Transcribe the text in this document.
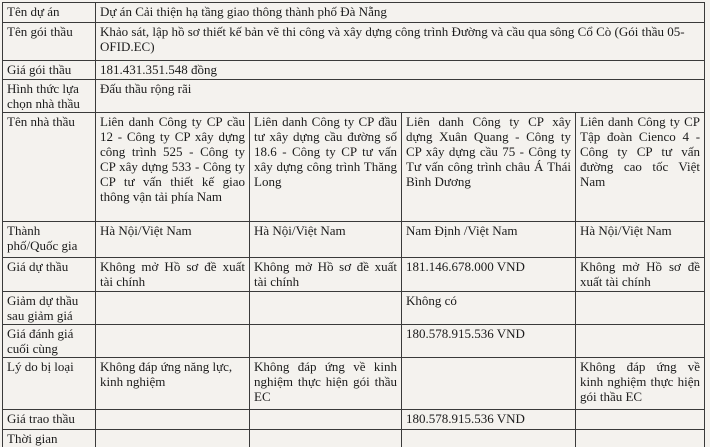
Tên dự án	Dự án Cải thiện hạ tầng giao thông thành phố Đà Nẵng			
Tên gói thầu	Khảo sát, lập hồ sơ thiết kế bản vẽ thi công và xây dựng công trình Đường và cầu qua sông Cổ Cò (Gói thầu 05-OFID.EC)			
Giá gói thầu	181.431.351.548 đồng			
Hình thức lựa chọn nhà thầu	Đấu thầu rộng rãi			
Tên nhà thầu	Liên danh Công ty CP cầu 12 - Công ty CP xây dựng công trình 525 - Công ty CP xây dựng 533 - Công ty CP tư vấn thiết kế giao thông vận tải phía Nam	Liên danh Công ty CP đầu tư xây dựng cầu đường số 18.6 - Công ty CP tư vấn xây dựng công trình Thăng Long	Liên danh Công ty CP xây dựng Xuân Quang - Công ty CP xây dựng cầu 75 - Công ty Tư vấn công trình châu Á Thái Bình Dương	Liên danh Công ty CP Tập đoàn Cienco 4 - Công ty CP tư vấn đường cao tốc Việt Nam
Thành phố/Quốc gia	Hà Nội/Việt Nam	Hà Nội/Việt Nam	Nam Định /Việt Nam	Hà Nội/Việt Nam
Giá dự thầu	Không mở Hồ sơ đề xuất tài chính	Không mở Hồ sơ đề xuất tài chính	181.146.678.000 VND	Không mở Hồ sơ đề xuất tài chính
Giảm dự thầu sau giảm giá			Không có	
Giá đánh giá cuối cùng			180.578.915.536 VND	
Lý do bị loại	Không đáp ứng năng lực, kinh nghiệm	Không đáp ứng về kinh nghiệm thực hiện gói thầu EC		Không đáp ứng về kinh nghiệm thực hiện gói thầu EC
Giá trao thầu			180.578.915.536 VND	
Thời gian				
